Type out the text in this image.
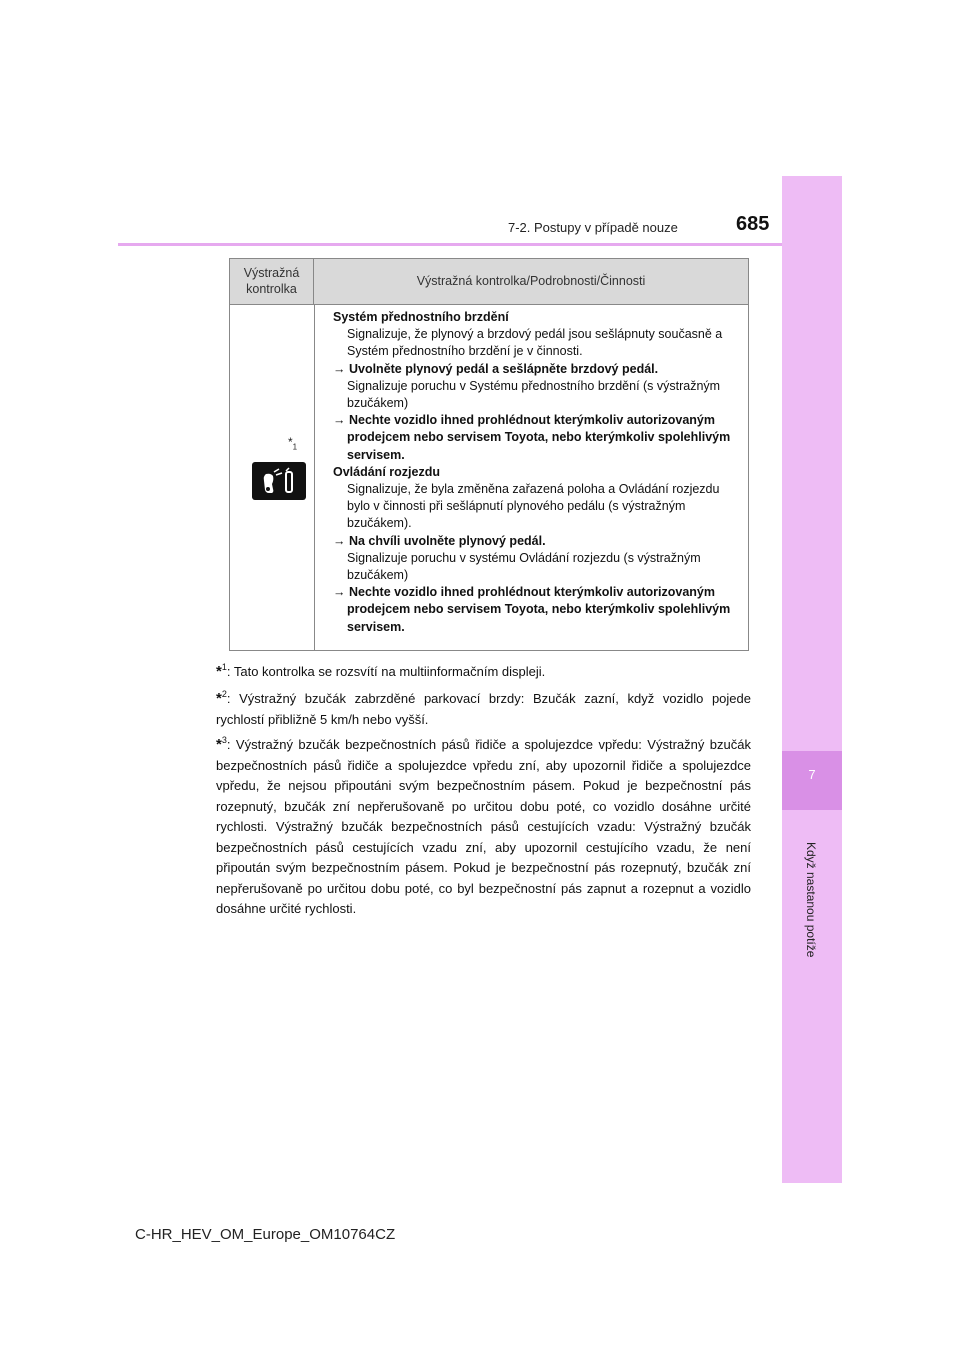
7-2. Postupy v případě nouze	685
7
Když nastanou potíže
Výstražná
kontrolka
Výstražná kontrolka/Podrobnosti/Činnosti
$*_1$
Systém přednostního brzdění
Signalizuje, že plynový a brzdový pedál jsou sešlápnuty současně a Systém přednostního brzdění je v činnosti.
→ Uvolněte plynový pedál a sešlápněte brzdový pedál.
Signalizuje poruchu v Systému přednostního brzdění (s výstražným bzučákem)
→ Nechte vozidlo ihned prohlédnout kterýmkoliv autorizovaným prodejcem nebo servisem Toyota, nebo kterýmkoliv spolehlivým servisem.
Ovládání rozjezdu
Signalizuje, že byla změněna zařazená poloha a Ovládání rozjezdu bylo v činnosti při sešlápnutí plynového pedálu (s výstražným bzučákem).
→ Na chvíli uvolněte plynový pedál.
Signalizuje poruchu v systému Ovládání rozjezdu (s výstražným bzučákem)
→ Nechte vozidlo ihned prohlédnout kterýmkoliv autorizovaným prodejcem nebo servisem Toyota, nebo kterýmkoliv spolehlivým servisem.
*$^1$: Tato kontrolka se rozsvítí na multiinformačním displeji.
*$^2$: Výstražný bzučák zabrzděné parkovací brzdy: Bzučák zazní, když vozidlo pojede rychlostí přibližně 5 km/h nebo vyšší.
*$^3$: Výstražný bzučák bezpečnostních pásů řidiče a spolujezdce vpředu: Výstražný bzučák bezpečnostních pásů řidiče a spolujezdce vpředu zní, aby upozornil řidiče a spolujezdce vpředu, že nejsou připoutáni svým bezpečnostním pásem. Pokud je bezpečnostní pás rozepnutý, bzučák zní nepřerušovaně po určitou dobu poté, co vozidlo dosáhne určité rychlosti. Výstražný bzučák bezpečnostních pásů cestujících vzadu: Výstražný bzučák bezpečnostních pásů cestujících vzadu zní, aby upozornil cestujícího vzadu, že není připoután svým bezpečnostním pásem. Pokud je bezpečnostní pás rozepnutý, bzučák zní nepřerušovaně po určitou dobu poté, co byl bezpečnostní pás zapnut a rozepnut a vozidlo dosáhne určité rychlosti.
C-HR_HEV_OM_Europe_OM10764CZ
